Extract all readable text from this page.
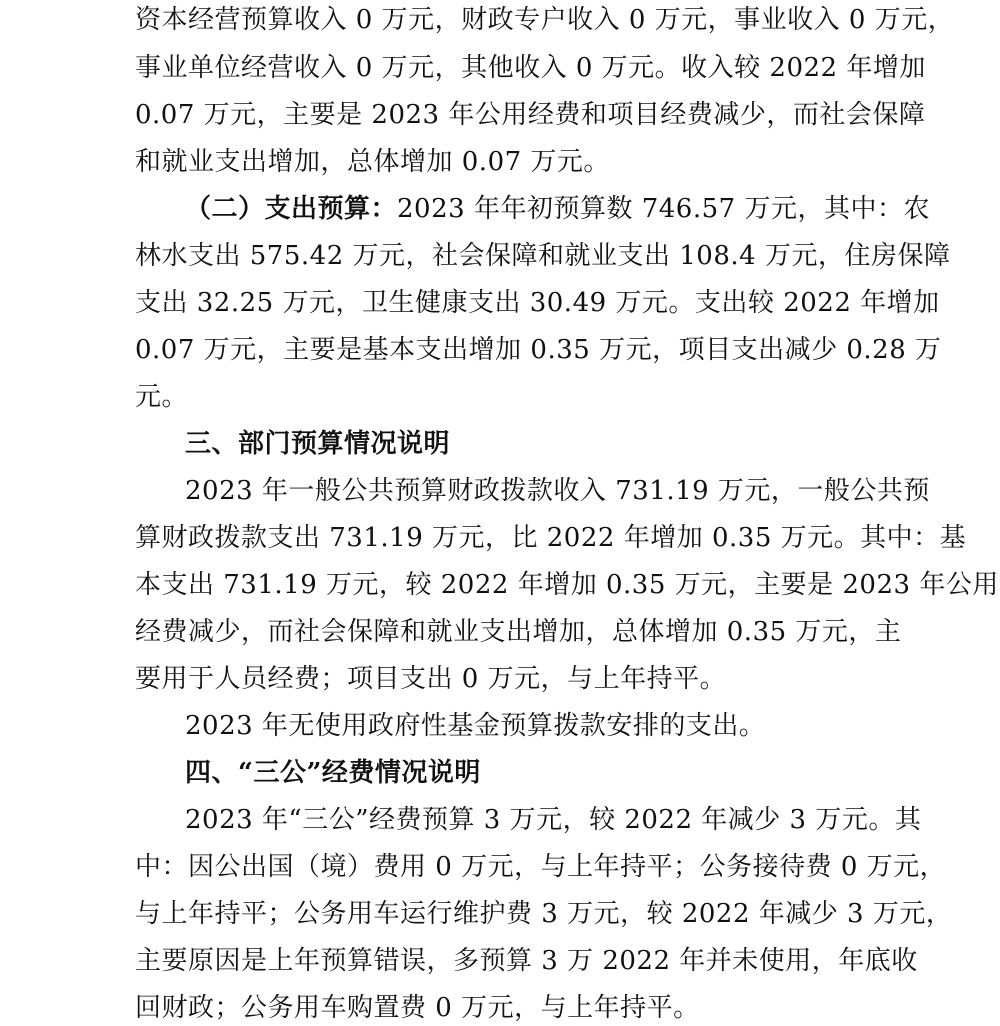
资本经营预算收入 0 万元，财政专户收入 0 万元，事业收入 0 万元，
事业单位经营收入 0 万元，其他收入 0 万元。收入较 2022 年增加
0.07 万元，主要是 2023 年公用经费和项目经费减少，而社会保障
和就业支出增加，总体增加 0.07 万元。
（二）支出预算：2023 年年初预算数 746.57 万元，其中：农
林水支出 575.42 万元，社会保障和就业支出 108.4 万元，住房保障
支出 32.25 万元，卫生健康支出 30.49 万元。支出较 2022 年增加
0.07 万元，主要是基本支出增加 0.35 万元，项目支出减少 0.28 万
元。
三、部门预算情况说明
2023 年一般公共预算财政拨款收入 731.19 万元，一般公共预
算财政拨款支出 731.19 万元，比 2022 年增加 0.35 万元。其中：基
本支出 731.19 万元，较 2022 年增加 0.35 万元，主要是 2023 年公用
经费减少，而社会保障和就业支出增加，总体增加 0.35 万元，主
要用于人员经费；项目支出 0 万元，与上年持平。
2023 年无使用政府性基金预算拨款安排的支出。
四、“三公”经费情况说明
2023 年“三公”经费预算 3 万元，较 2022 年减少 3 万元。其
中：因公出国（境）费用 0 万元，与上年持平；公务接待费 0 万元，
与上年持平；公务用车运行维护费 3 万元，较 2022 年减少 3 万元，
主要原因是上年预算错误，多预算 3 万 2022 年并未使用，年底收
回财政；公务用车购置费 0 万元，与上年持平。
